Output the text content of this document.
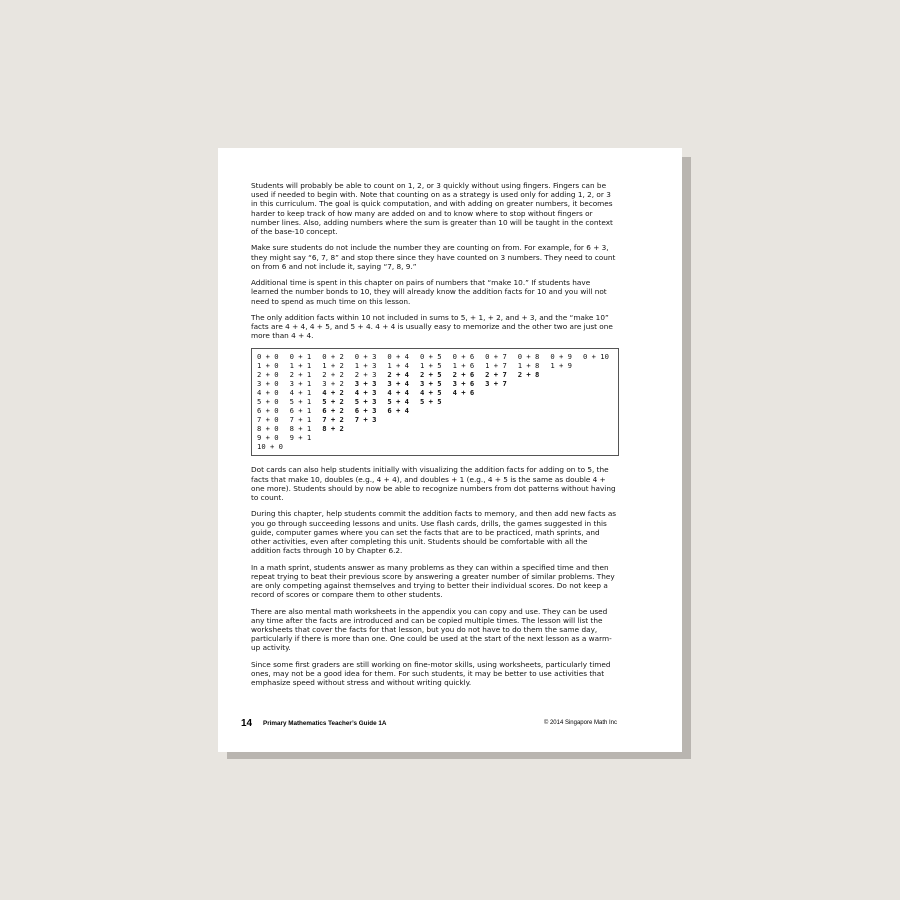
Students will probably be able to count on 1, 2, or 3 quickly without using fingers. Fingers can be used if needed to begin with. Note that counting on as a strategy is used only for adding 1, 2, or 3 in this curriculum. The goal is quick computation, and with adding on greater numbers, it becomes harder to keep track of how many are added on and to know where to stop without fingers or number lines. Also, adding numbers where the sum is greater than 10 will be taught in the context of the base-10 concept.

Make sure students do not include the number they are counting on from. For example, for 6 + 3, they might say “6, 7, 8” and stop there since they have counted on 3 numbers. They need to count on from 6 and not include it, saying “7, 8, 9.”

Additional time is spent in this chapter on pairs of numbers that “make 10.” If students have learned the number bonds to 10, they will already know the addition facts for 10 and you will not need to spend as much time on this lesson.

The only addition facts within 10 not included in sums to 5, + 1, + 2, and + 3, and the “make 10” facts are 4 + 4, 4 + 5, and 5 + 4. 4 + 4 is usually easy to memorize and the other two are just one more than 4 + 4.

0 + 0
1 + 0
2 + 0
3 + 0
4 + 0
5 + 0
6 + 0
7 + 0
8 + 0
9 + 0
10 + 0
0 + 1
1 + 1
2 + 1
3 + 1
4 + 1
5 + 1
6 + 1
7 + 1
8 + 1
9 + 1
0 + 2
1 + 2
2 + 2
3 + 2
4 + 2
5 + 2
6 + 2
7 + 2
8 + 2
0 + 3
1 + 3
2 + 3
3 + 3
4 + 3
5 + 3
6 + 3
7 + 3
0 + 4
1 + 4
2 + 4
3 + 4
4 + 4
5 + 4
6 + 4
0 + 5
1 + 5
2 + 5
3 + 5
4 + 5
5 + 5
0 + 6
1 + 6
2 + 6
3 + 6
4 + 6
0 + 7
1 + 7
2 + 7
3 + 7
0 + 8
1 + 8
2 + 8
0 + 9
1 + 9
0 + 10

Dot cards can also help students initially with visualizing the addition facts for adding on to 5, the facts that make 10, doubles (e.g., 4 + 4), and doubles + 1 (e.g., 4 + 5 is the same as double 4 + one more). Students should by now be able to recognize numbers from dot patterns without having to count.

During this chapter, help students commit the addition facts to memory, and then add new facts as you go through succeeding lessons and units. Use flash cards, drills, the games suggested in this guide, computer games where you can set the facts that are to be practiced, math sprints, and other activities, even after completing this unit. Students should be comfortable with all the addition facts through 10 by Chapter 6.2.

In a math sprint, students answer as many problems as they can within a specified time and then repeat trying to beat their previous score by answering a greater number of similar problems. They are only competing against themselves and trying to better their individual scores. Do not keep a record of scores or compare them to other students.

There are also mental math worksheets in the appendix you can copy and use. They can be used any time after the facts are introduced and can be copied multiple times. The lesson will list the worksheets that cover the facts for that lesson, but you do not have to do them the same day, particularly if there is more than one. One could be used at the start of the next lesson as a warm-up activity.

Since some first graders are still working on fine-motor skills, using worksheets, particularly timed ones, may not be a good idea for them. For such students, it may be better to use activities that emphasize speed without stress and without writing quickly.

14 Primary Mathematics Teacher’s Guide 1A	© 2014 Singapore Math Inc
